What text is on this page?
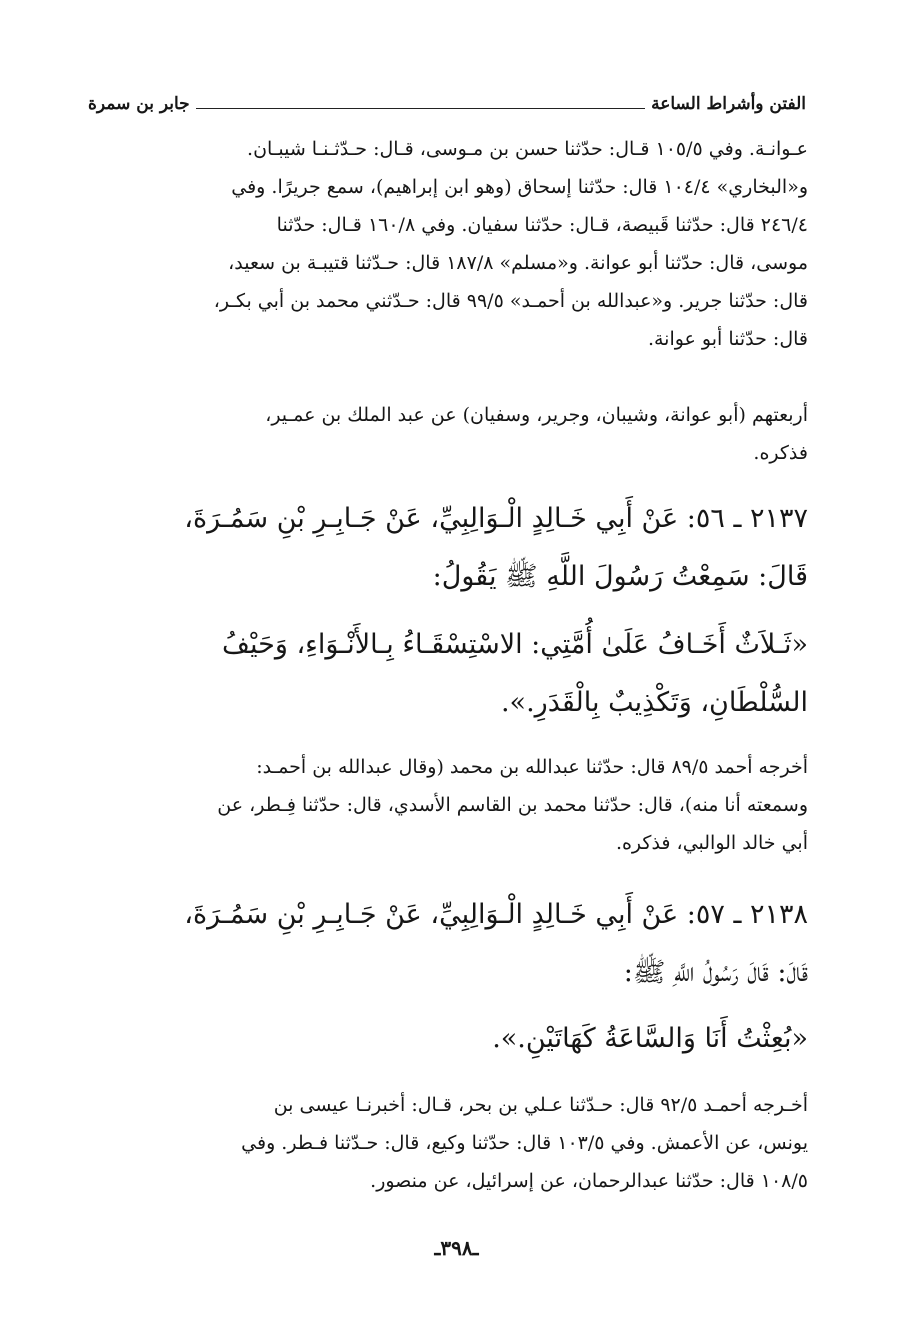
الفتن وأشراط الساعة
جابر بن سمرة
عـوانـة. وفي ١٠٥/٥ قـال: حدّثنا حسن بن مـوسى، قـال: حـدّثـنـا شيبـان.
و«البخاري» ١٠٤/٤ قال: حدّثنا إسحاق (وهو ابن إبراهيم)، سمع جريرًا. وفي
٢٤٦/٤ قال: حدّثنا قَبيصة، قـال: حدّثنا سفيان. وفي ١٦٠/٨ قـال: حدّثنا
موسى، قال: حدّثنا أبو عوانة. و«مسلم» ١٨٧/٨ قال: حـدّثنا قتيبـة بن سعيد،
قال: حدّثنا جرير. و«عبدالله بن أحمـد» ٩٩/٥ قال: حـدّثني محمد بن أبي بكـر،
قال: حدّثنا أبو عوانة.
أربعتهم (أبو عوانة، وشيبان، وجرير، وسفيان) عن عبد الملك بن عمـير،
فذكره.
٢١٣٧ ـ ٥٦: عَنْ أَبِي خَـالِدٍ الْـوَالِبِيِّ، عَنْ جَـابِـرِ بْنِ سَمُـرَةَ،
قَالَ: سَمِعْتُ رَسُولَ اللَّهِ ﷺ يَقُولُ:
«ثَـلاَثٌ أَخَـافُ عَلَىٰ أُمَّتِي: الاسْتِسْقَـاءُ بِـالأَنْـوَاءِ، وَحَيْفُ
السُّلْطَانِ، وَتَكْذِيبٌ بِالْقَدَرِ.».
أخرجه أحمد ٨٩/٥ قال: حدّثنا عبدالله بن محمد (وقال عبدالله بن أحمـد:
وسمعته أنا منه)، قال: حدّثنا محمد بن القاسم الأسدي، قال: حدّثنا فِـطر، عن
أبي خالد الوالبي، فذكره.
٢١٣٨ ـ ٥٧: عَنْ أَبِي خَـالِدٍ الْـوَالِبِيِّ، عَنْ جَـابِـرِ بْنِ سَمُـرَةَ،
قَالَ: قَالَ رَسُولُ اللَّهِ ﷺ:
«بُعِثْتُ أَنَا وَالسَّاعَةُ كَهَاتَيْنِ.».
أخـرجه أحمـد ٩٢/٥ قال: حـدّثنا عـلي بن بحر، قـال: أخبرنـا عيسى بن
يونس، عن الأعمش. وفي ١٠٣/٥ قال: حدّثنا وكيع، قال: حـدّثنا فـطر. وفي
١٠٨/٥ قال: حدّثنا عبدالرحمان، عن إسرائيل، عن منصور.
ـ٣٩٨ـ
